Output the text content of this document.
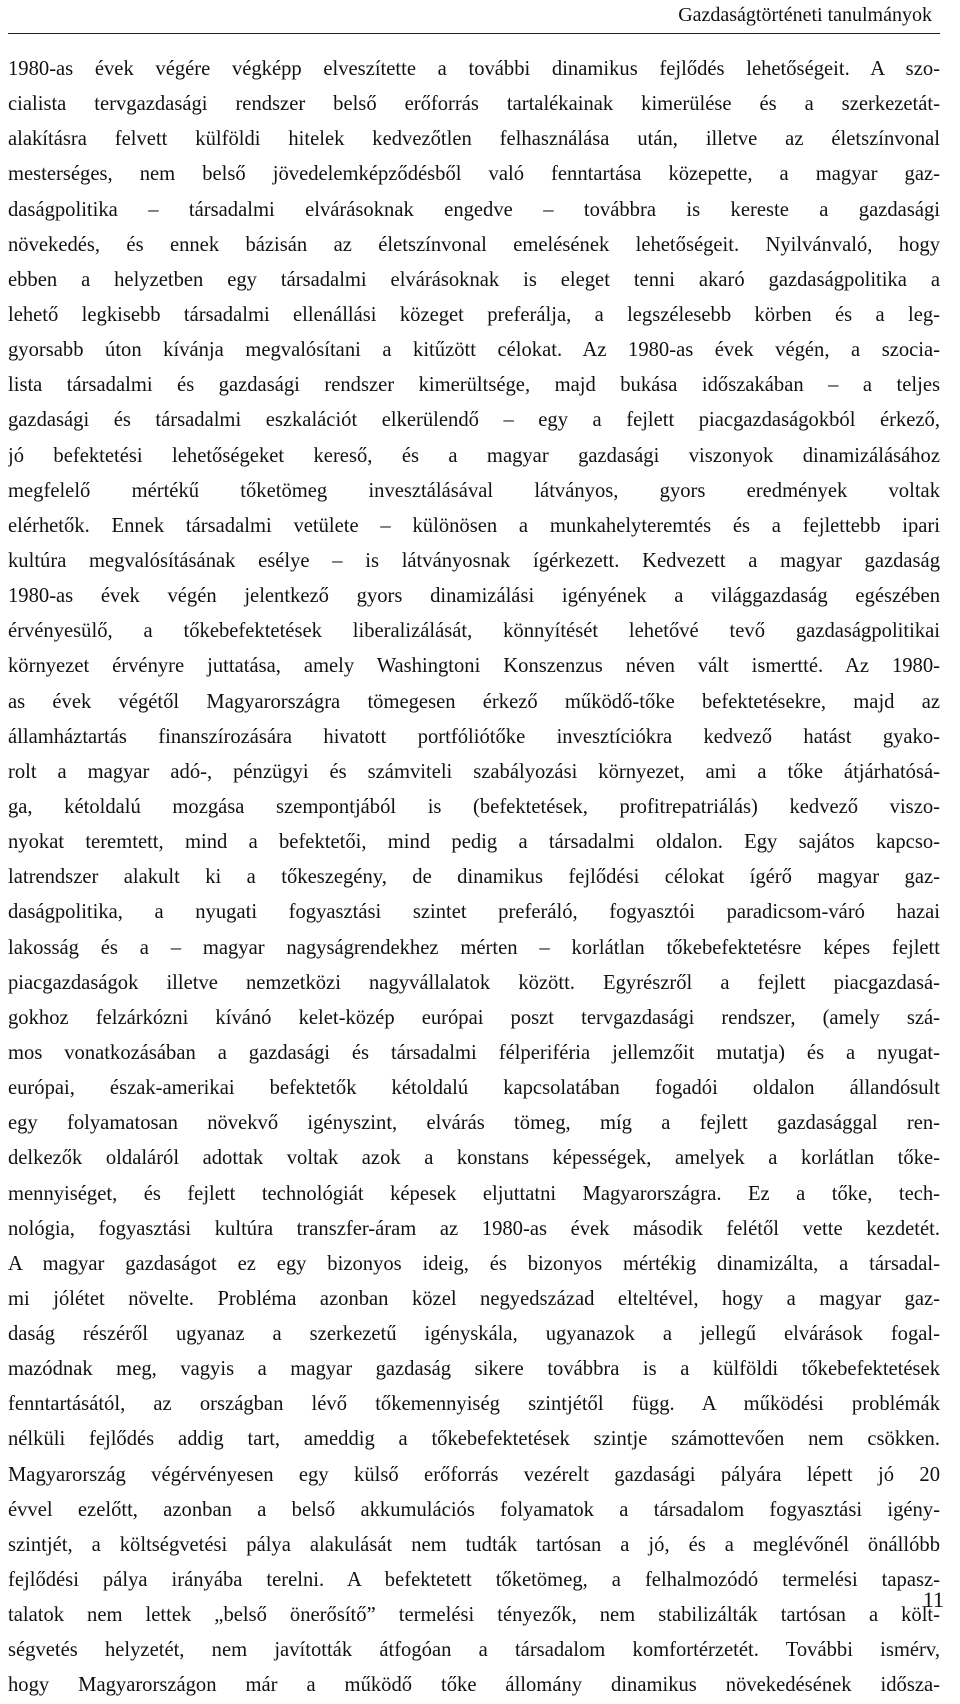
Gazdaságtörténeti tanulmányok
1980-as évek végére végképp elveszítette a további dinamikus fejlődés lehetőségeit. A szo-
cialista tervgazdasági rendszer belső erőforrás tartalékainak kimerülése és a szerkezetát-
alakításra felvett külföldi hitelek kedvezőtlen felhasználása után, illetve az életszínvonal
mesterséges, nem belső jövedelemképződésből való fenntartása közepette, a magyar gaz-
daságpolitika – társadalmi elvárásoknak engedve – továbbra is kereste a gazdasági
növekedés, és ennek bázisán az életszínvonal emelésének lehetőségeit. Nyilvánvaló, hogy
ebben a helyzetben egy társadalmi elvárásoknak is eleget tenni akaró gazdaságpolitika a
lehető legkisebb társadalmi ellenállási közeget preferálja, a legszélesebb körben és a leg-
gyorsabb úton kívánja megvalósítani a kitűzött célokat. Az 1980-as évek végén, a szocia-
lista társadalmi és gazdasági rendszer kimerültsége, majd bukása időszakában – a teljes
gazdasági és társadalmi eszkalációt elkerülendő – egy a fejlett piacgazdaságokból érkező,
jó befektetési lehetőségeket kereső, és a magyar gazdasági viszonyok dinamizálásához
megfelelő mértékű tőketömeg invesztálásával látványos, gyors eredmények voltak
elérhetők. Ennek társadalmi vetülete – különösen a munkahelyteremtés és a fejlettebb ipari
kultúra megvalósításának esélye – is látványosnak ígérkezett. Kedvezett a magyar gazdaság
1980-as évek végén jelentkező gyors dinamizálási igényének a világgazdaság egészében
érvényesülő, a tőkebefektetések liberalizálását, könnyítését lehetővé tevő gazdaságpolitikai
környezet érvényre juttatása, amely Washingtoni Konszenzus néven vált ismertté. Az 1980-
as évek végétől Magyarországra tömegesen érkező működő-tőke befektetésekre, majd az
államháztartás finanszírozására hivatott portfóliótőke invesztíciókra kedvező hatást gyako-
rolt a magyar adó-, pénzügyi és számviteli szabályozási környezet, ami a tőke átjárhatósá-
ga, kétoldalú mozgása szempontjából is (befektetések, profitrepatriálás) kedvező viszo-
nyokat teremtett, mind a befektetői, mind pedig a társadalmi oldalon. Egy sajátos kapcso-
latrendszer alakult ki a tőkeszegény, de dinamikus fejlődési célokat ígérő magyar gaz-
daságpolitika, a nyugati fogyasztási szintet preferáló, fogyasztói paradicsom-váró hazai
lakosság és a – magyar nagyságrendekhez mérten – korlátlan tőkebefektetésre képes fejlett
piacgazdaságok illetve nemzetközi nagyvállalatok között. Egyrészről a fejlett piacgazdasá-
gokhoz felzárkózni kívánó kelet-közép európai poszt tervgazdasági rendszer, (amely szá-
mos vonatkozásában a gazdasági és társadalmi félperiféria jellemzőit mutatja) és a nyugat-
európai, észak-amerikai befektetők kétoldalú kapcsolatában fogadói oldalon állandósult
egy folyamatosan növekvő igényszint, elvárás tömeg, míg a fejlett gazdasággal ren-
delkezők oldaláról adottak voltak azok a konstans képességek, amelyek a korlátlan tőke-
mennyiséget, és fejlett technológiát képesek eljuttatni Magyarországra. Ez a tőke, tech-
nológia, fogyasztási kultúra transzfer-áram az 1980-as évek második felétől vette kezdetét.
A magyar gazdaságot ez egy bizonyos ideig, és bizonyos mértékig dinamizálta, a társadal-
mi jólétet növelte. Probléma azonban közel negyedszázad elteltével, hogy a magyar gaz-
daság részéről ugyanaz a szerkezetű igényskála, ugyanazok a jellegű elvárások fogal-
mazódnak meg, vagyis a magyar gazdaság sikere továbbra is a külföldi tőkebefektetések
fenntartásától, az országban lévő tőkemennyiség szintjétől függ. A működési problémák
nélküli fejlődés addig tart, ameddig a tőkebefektetések szintje számottevően nem csökken.
Magyarország végérvényesen egy külső erőforrás vezérelt gazdasági pályára lépett jó 20
évvel ezelőtt, azonban a belső akkumulációs folyamatok a társadalom fogyasztási igény-
szintjét, a költségvetési pálya alakulását nem tudták tartósan a jó, és a meglévőnél önállóbb
fejlődési pálya irányába terelni. A befektetett tőketömeg, a felhalmozódó termelési tapasz-
talatok nem lettek „belső önerősítő” termelési tényezők, nem stabilizálták tartósan a költ-
ségvetés helyzetét, nem javították átfogóan a társadalom komfortérzetét. További ismérv,
hogy Magyarországon már a működő tőke állomány dinamikus növekedésének idősza-
11
